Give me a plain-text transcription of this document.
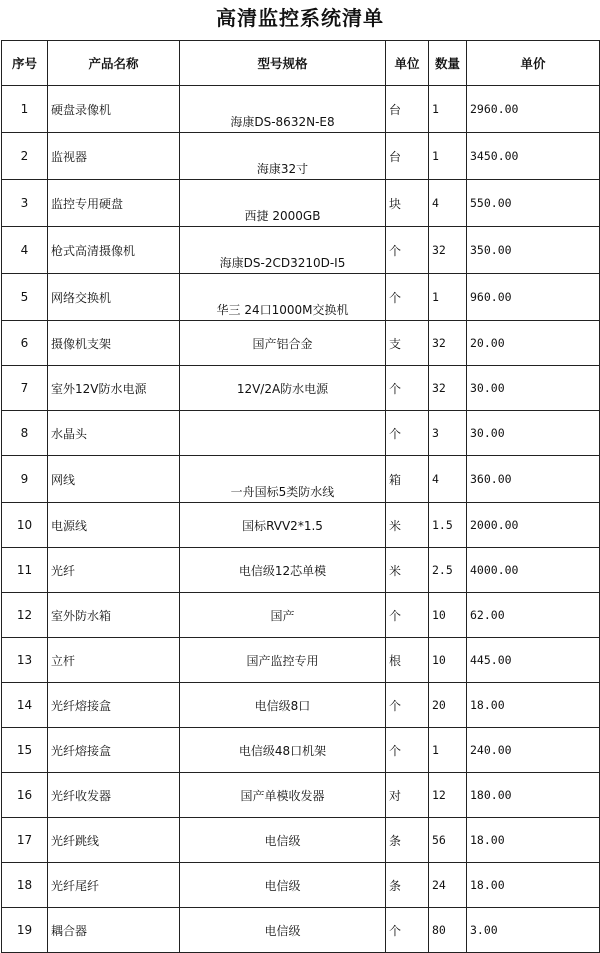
高清监控系统清单
序号	产品名称	型号规格	单位	数量	单价
1	硬盘录像机	海康DS-8632N-E8	台	1	2960.00
2	监视器	海康32寸	台	1	3450.00
3	监控专用硬盘	西捷 2000GB	块	4	550.00
4	枪式高清摄像机	海康DS-2CD3210D-I5	个	32	350.00
5	网络交换机	华三 24口1000M交换机	个	1	960.00
6	摄像机支架	国产铝合金	支	32	20.00
7	室外12V防水电源	12V/2A防水电源	个	32	30.00
8	水晶头		个	3	30.00
9	网线	一舟国标5类防水线	箱	4	360.00
10	电源线	国标RVV2*1.5	米	1.5	2000.00
11	光纤	电信级12芯单模	米	2.5	4000.00
12	室外防水箱	国产	个	10	62.00
13	立杆	国产监控专用	根	10	445.00
14	光纤熔接盒	电信级8口	个	20	18.00
15	光纤熔接盒	电信级48口机架	个	1	240.00
16	光纤收发器	国产单模收发器	对	12	180.00
17	光纤跳线	电信级	条	56	18.00
18	光纤尾纤	电信级	条	24	18.00
19	耦合器	电信级	个	80	3.00
